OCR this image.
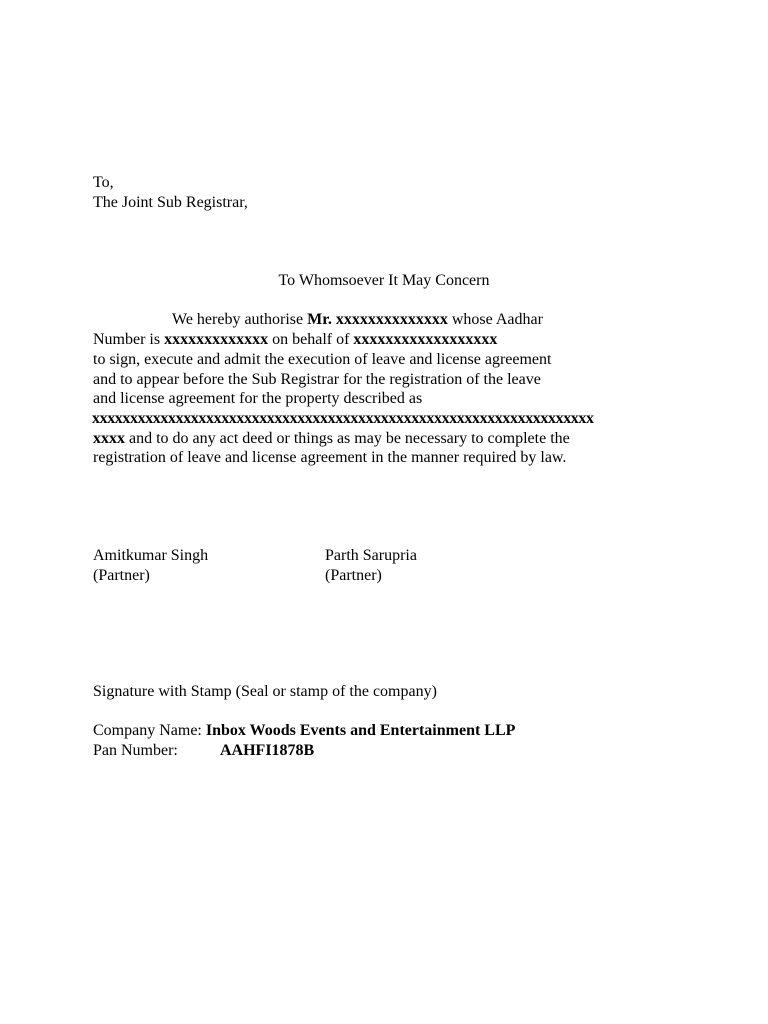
To,

The Joint Sub Registrar,

To Whomsoever It May Concern

We hereby authorise Mr. xxxxxxxxxxxxxx whose Aadhar

Number is xxxxxxxxxxxxx on behalf of xxxxxxxxxxxxxxxxxx

to sign, execute and admit the execution of leave and license agreement

and to appear before the Sub Registrar for the registration of the leave

and license agreement for the property described as

xxxxxxxxxxxxxxxxxxxxxxxxxxxxxxxxxxxxxxxxxxxxxxxxxxxxxxxxxxxxxxxxxx

xxxx and to do any act deed or things as may be necessary to complete the

registration of leave and license agreement in the manner required by law.

Amitkumar Singh

(Partner)

Parth Sarupria

(Partner)

Signature with Stamp (Seal or stamp of the company)

Company Name: Inbox Woods Events and Entertainment LLP

Pan Number:	AAHFI1878B
